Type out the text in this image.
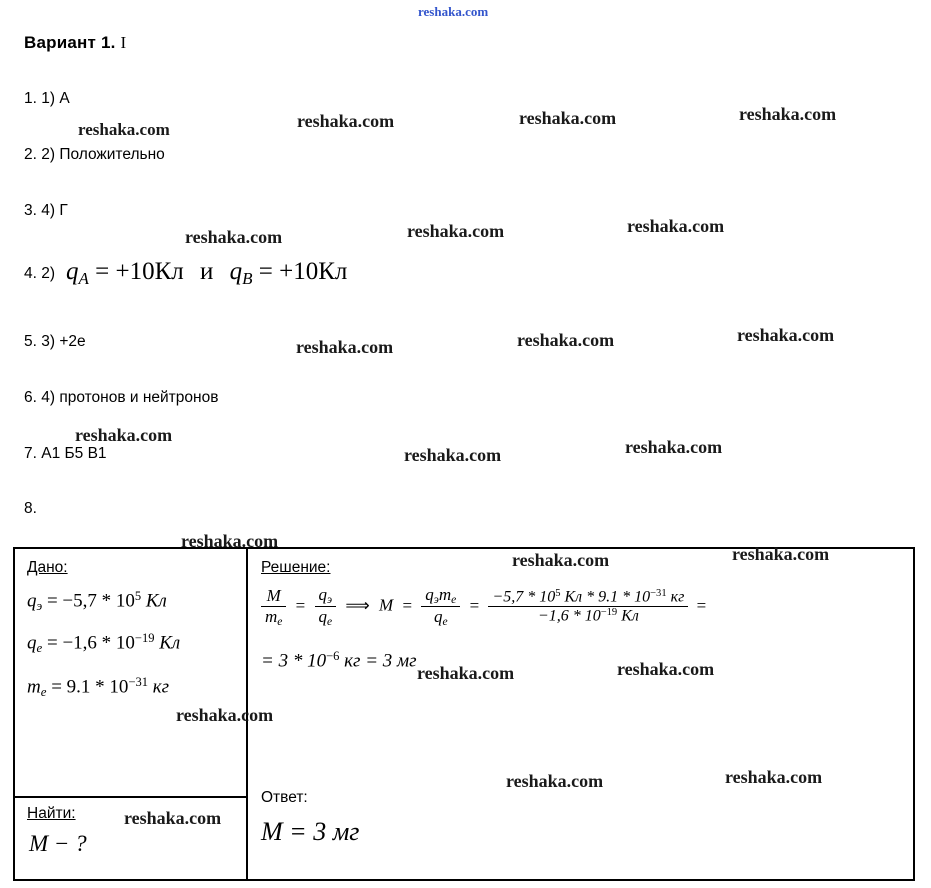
Вариант 1. I
1. 1) А
2. 2) Положительно
3. 4) Г
4. 2)
5. 3) +2е
6. 4) протонов и нейтронов
7. А1 Б5 В1
8.
$q_A = +10Кл$ и $q_B = +10Кл$
Дано:
$q_э = -5,7 * 10^5$ Кл
$q_e = -1,6 * 10^{-19}$ Кл
$m_e = 9.1 * 10^{-31}$ кг
Найти:
M − ?
Решение:
$\frac{M}{m_e} = \frac{q_э}{q_e}$ ⟹ $M = \frac{q_эm_e}{q_e} = \frac{-5,7 * 10^5 Кл * 9.1 * 10^{-31} кг}{-1,6 * 10^{-19} Кл}$ =
= $3 * 10^{-6}$ кг = 3 мг
Ответ:
M = 3 мг
reshaka.com
reshaka.com	reshaka.com	reshaka.com	reshaka.com
reshaka.com	reshaka.com	reshaka.com
reshaka.com	reshaka.com	reshaka.com
reshaka.com
reshaka.com	reshaka.com
reshaka.com
reshaka.com	reshaka.com
reshaka.com	reshaka.com
reshaka.com
reshaka.com
reshaka.com	reshaka.com
